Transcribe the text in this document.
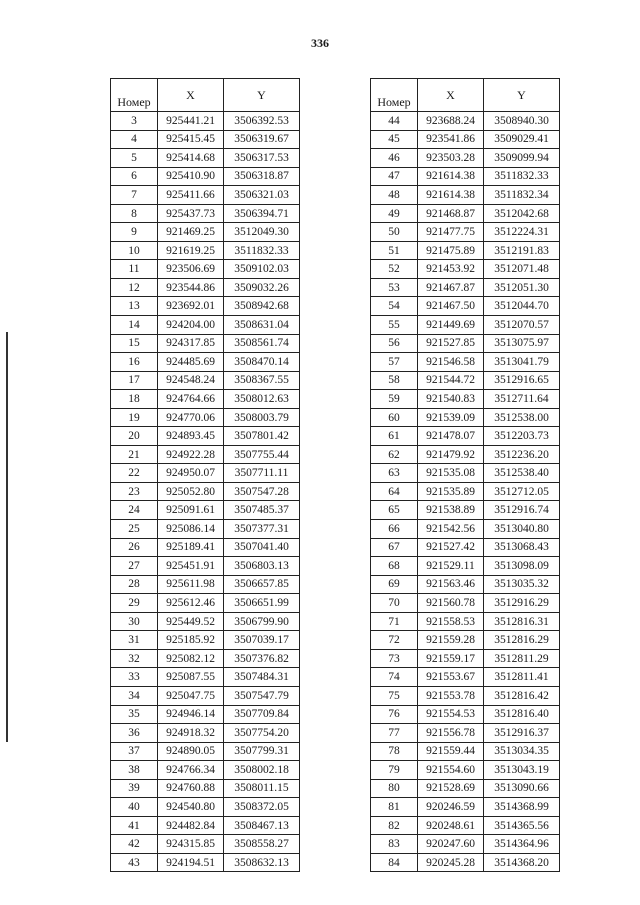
336
Номер	X	Y
3	925441.21	3506392.53
4	925415.45	3506319.67
5	925414.68	3506317.53
6	925410.90	3506318.87
7	925411.66	3506321.03
8	925437.73	3506394.71
9	921469.25	3512049.30
10	921619.25	3511832.33
11	923506.69	3509102.03
12	923544.86	3509032.26
13	923692.01	3508942.68
14	924204.00	3508631.04
15	924317.85	3508561.74
16	924485.69	3508470.14
17	924548.24	3508367.55
18	924764.66	3508012.63
19	924770.06	3508003.79
20	924893.45	3507801.42
21	924922.28	3507755.44
22	924950.07	3507711.11
23	925052.80	3507547.28
24	925091.61	3507485.37
25	925086.14	3507377.31
26	925189.41	3507041.40
27	925451.91	3506803.13
28	925611.98	3506657.85
29	925612.46	3506651.99
30	925449.52	3506799.90
31	925185.92	3507039.17
32	925082.12	3507376.82
33	925087.55	3507484.31
34	925047.75	3507547.79
35	924946.14	3507709.84
36	924918.32	3507754.20
37	924890.05	3507799.31
38	924766.34	3508002.18
39	924760.88	3508011.15
40	924540.80	3508372.05
41	924482.84	3508467.13
42	924315.85	3508558.27
43	924194.51	3508632.13
Номер	X	Y
44	923688.24	3508940.30
45	923541.86	3509029.41
46	923503.28	3509099.94
47	921614.38	3511832.33
48	921614.38	3511832.34
49	921468.87	3512042.68
50	921477.75	3512224.31
51	921475.89	3512191.83
52	921453.92	3512071.48
53	921467.87	3512051.30
54	921467.50	3512044.70
55	921449.69	3512070.57
56	921527.85	3513075.97
57	921546.58	3513041.79
58	921544.72	3512916.65
59	921540.83	3512711.64
60	921539.09	3512538.00
61	921478.07	3512203.73
62	921479.92	3512236.20
63	921535.08	3512538.40
64	921535.89	3512712.05
65	921538.89	3512916.74
66	921542.56	3513040.80
67	921527.42	3513068.43
68	921529.11	3513098.09
69	921563.46	3513035.32
70	921560.78	3512916.29
71	921558.53	3512816.31
72	921559.28	3512816.29
73	921559.17	3512811.29
74	921553.67	3512811.41
75	921553.78	3512816.42
76	921554.53	3512816.40
77	921556.78	3512916.37
78	921559.44	3513034.35
79	921554.60	3513043.19
80	921528.69	3513090.66
81	920246.59	3514368.99
82	920248.61	3514365.56
83	920247.60	3514364.96
84	920245.28	3514368.20
